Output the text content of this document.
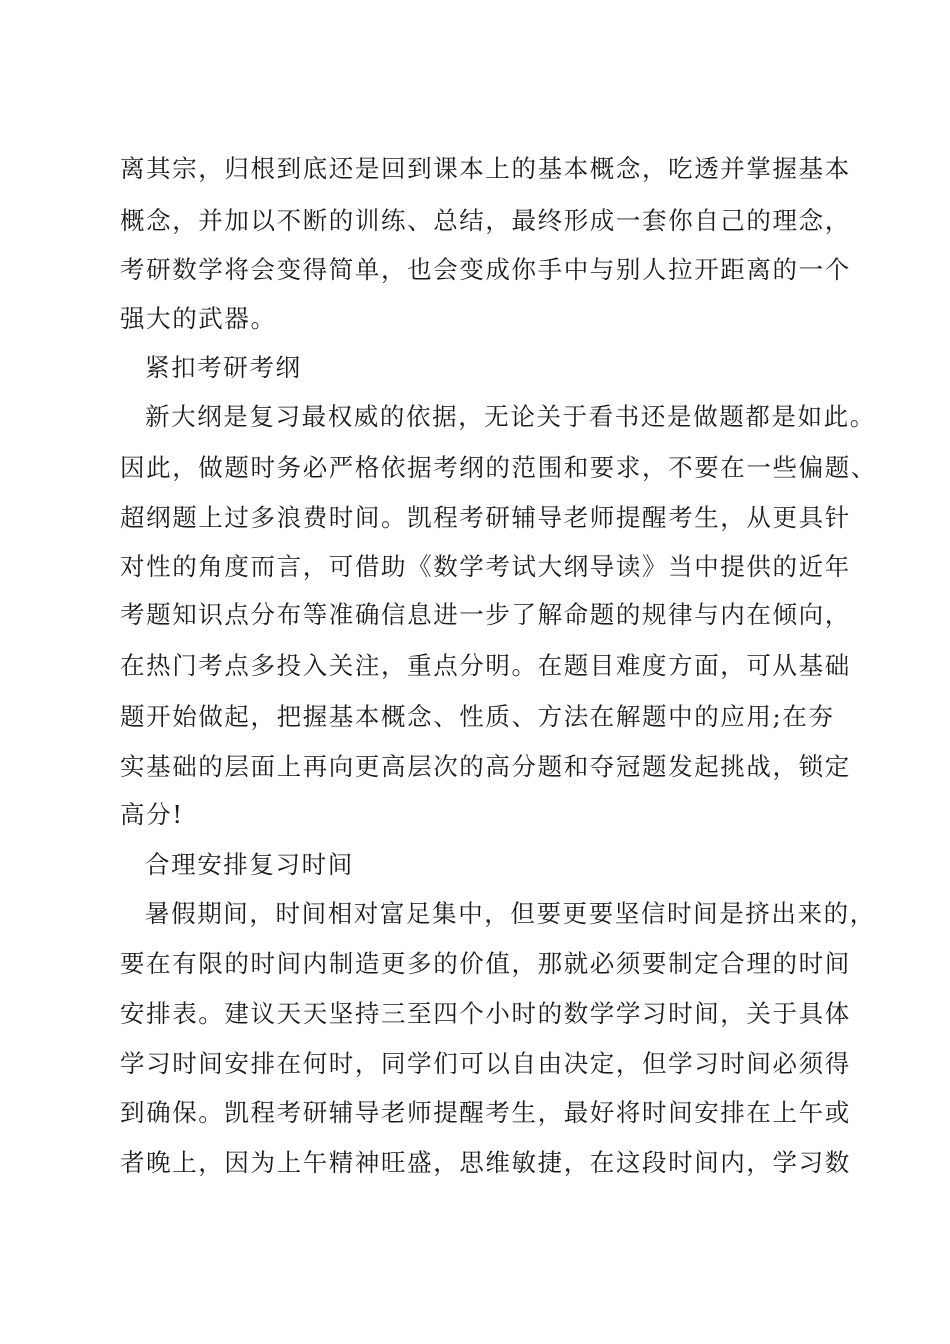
离其宗，归根到底还是回到课本上的基本概念，吃透并掌握基本
概念，并加以不断的训练、总结，最终形成一套你自己的理念，
考研数学将会变得简单，也会变成你手中与别人拉开距离的一个
强大的武器。
紧扣考研考纲
新大纲是复习最权威的依据，无论关于看书还是做题都是如此。
因此，做题时务必严格依据考纲的范围和要求，不要在一些偏题、
超纲题上过多浪费时间。凯程考研辅导老师提醒考生，从更具针
对性的角度而言，可借助《数学考试大纲导读》当中提供的近年
考题知识点分布等准确信息进一步了解命题的规律与内在倾向，
在热门考点多投入关注，重点分明。在题目难度方面，可从基础
题开始做起，把握基本概念、性质、方法在解题中的应用;在夯
实基础的层面上再向更高层次的高分题和夺冠题发起挑战，锁定
高分!
合理安排复习时间
暑假期间，时间相对富足集中，但要更要坚信时间是挤出来的，
要在有限的时间内制造更多的价值，那就必须要制定合理的时间
安排表。建议天天坚持三至四个小时的数学学习时间，关于具体
学习时间安排在何时，同学们可以自由决定，但学习时间必须得
到确保。凯程考研辅导老师提醒考生，最好将时间安排在上午或
者晚上，因为上午精神旺盛，思维敏捷，在这段时间内，学习数
